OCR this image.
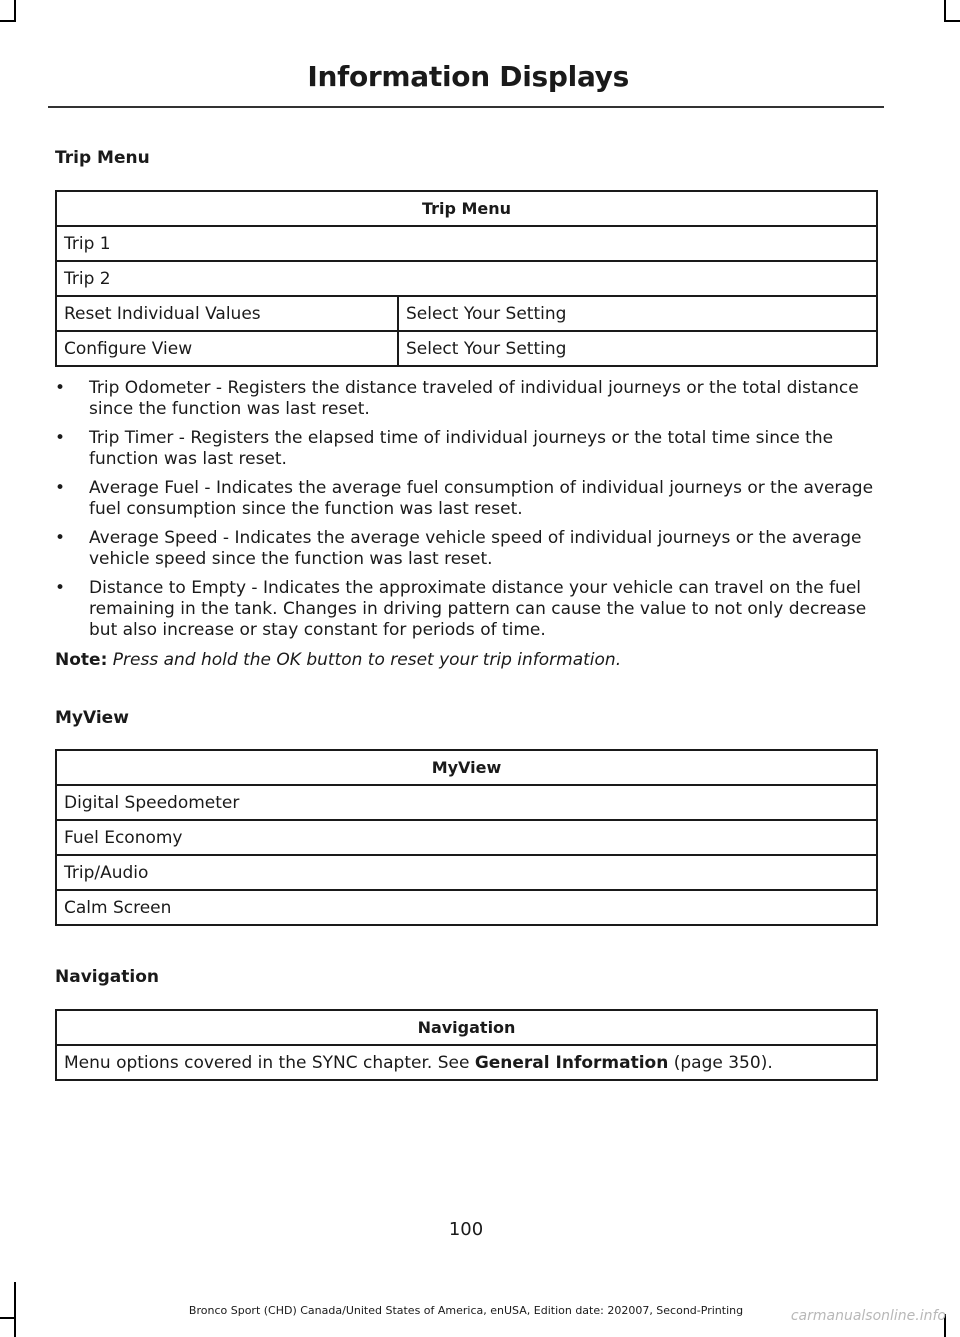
Information Displays
Trip Menu
Trip Menu	
Trip 1	
Trip 2	
Reset Individual Values	Select Your Setting
Configure View	Select Your Setting
• Trip Odometer - Registers the distance traveled of individual journeys or the total distance since the function was last reset.
• Trip Timer - Registers the elapsed time of individual journeys or the total time since the function was last reset.
• Average Fuel - Indicates the average fuel consumption of individual journeys or the average fuel consumption since the function was last reset.
• Average Speed - Indicates the average vehicle speed of individual journeys or the average vehicle speed since the function was last reset.
• Distance to Empty - Indicates the approximate distance your vehicle can travel on the fuel remaining in the tank. Changes in driving pattern can cause the value to not only decrease but also increase or stay constant for periods of time.
Note: Press and hold the OK button to reset your trip information.
MyView
MyView
Digital Speedometer
Fuel Economy
Trip/Audio
Calm Screen
Navigation
Navigation
Menu options covered in the SYNC chapter. See General Information (page 350).
100
Bronco Sport (CHD) Canada/United States of America, enUSA, Edition date: 202007, Second-Printing	carmanualsonline.info
